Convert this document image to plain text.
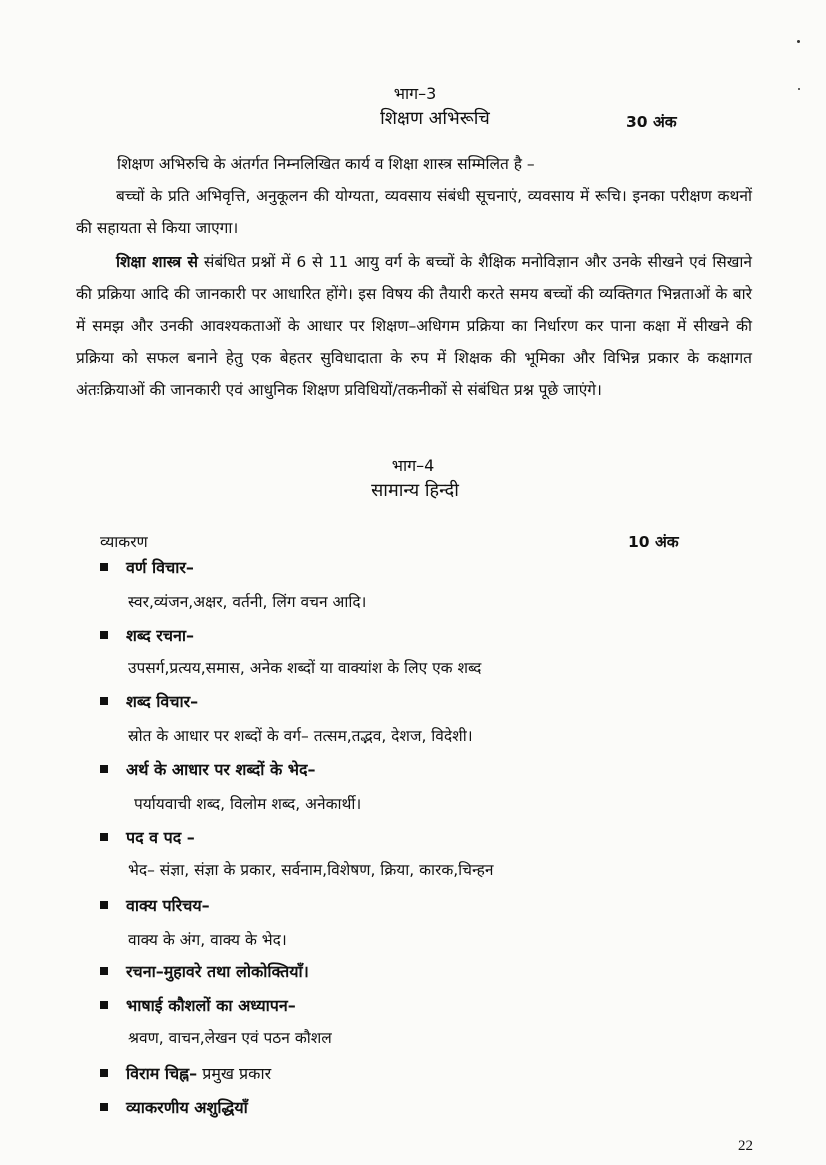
भाग–3
शिक्षण अभिरूचि	30 अंक
शिक्षण अभिरुचि के अंतर्गत निम्नलिखित कार्य व शिक्षा शास्त्र सम्मिलित है –
बच्चों के प्रति अभिवृत्ति, अनुकूलन की योग्यता, व्यवसाय संबंधी सूचनाएं, व्यवसाय में रूचि। इनका परीक्षण कथनों की सहायता से किया जाएगा।
शिक्षा शास्त्र से संबंधित प्रश्नों में 6 से 11 आयु वर्ग के बच्चों के शैक्षिक मनोविज्ञान और उनके सीखने एवं सिखाने की प्रक्रिया आदि की जानकारी पर आधारित होंगे। इस विषय की तैयारी करते समय बच्चों की व्यक्तिगत भिन्नताओं के बारे में समझ और उनकी आवश्यकताओं के आधार पर शिक्षण–अधिगम प्रक्रिया का निर्धारण कर पाना कक्षा में सीखने की प्रक्रिया को सफल बनाने हेतु एक बेहतर सुविधादाता के रुप में शिक्षक की भूमिका और विभिन्न प्रकार के कक्षागत अंतःक्रियाओं की जानकारी एवं आधुनिक शिक्षण प्रविधियों/तकनीकों से संबंधित प्रश्न पूछे जाएंगे।
भाग–4
सामान्य हिन्दी
व्याकरण	10 अंक
वर्ण विचार–
स्वर,व्यंजन,अक्षर, वर्तनी, लिंग वचन आदि।
शब्द रचना–
उपसर्ग,प्रत्यय,समास, अनेक शब्दों या वाक्यांश के लिए एक शब्द
शब्द विचार–
स्रोत के आधार पर शब्दों के वर्ग– तत्सम,तद्भव, देशज, विदेशी।
अर्थ के आधार पर शब्दों के भेद–
पर्यायवाची शब्द, विलोम शब्द, अनेकार्थी।
पद व पद –
भेद– संज्ञा, संज्ञा के प्रकार, सर्वनाम,विशेषण, क्रिया, कारक,चिन्हन
वाक्य परिचय–
वाक्य के अंग, वाक्य के भेद।
रचना–मुहावरे तथा लोकोक्तियाँ।
भाषाई कौशलों का अध्यापन–
श्रवण, वाचन,लेखन एवं पठन कौशल
विराम चिह्न– प्रमुख प्रकार
व्याकरणीय अशुद्धियाँ
22
